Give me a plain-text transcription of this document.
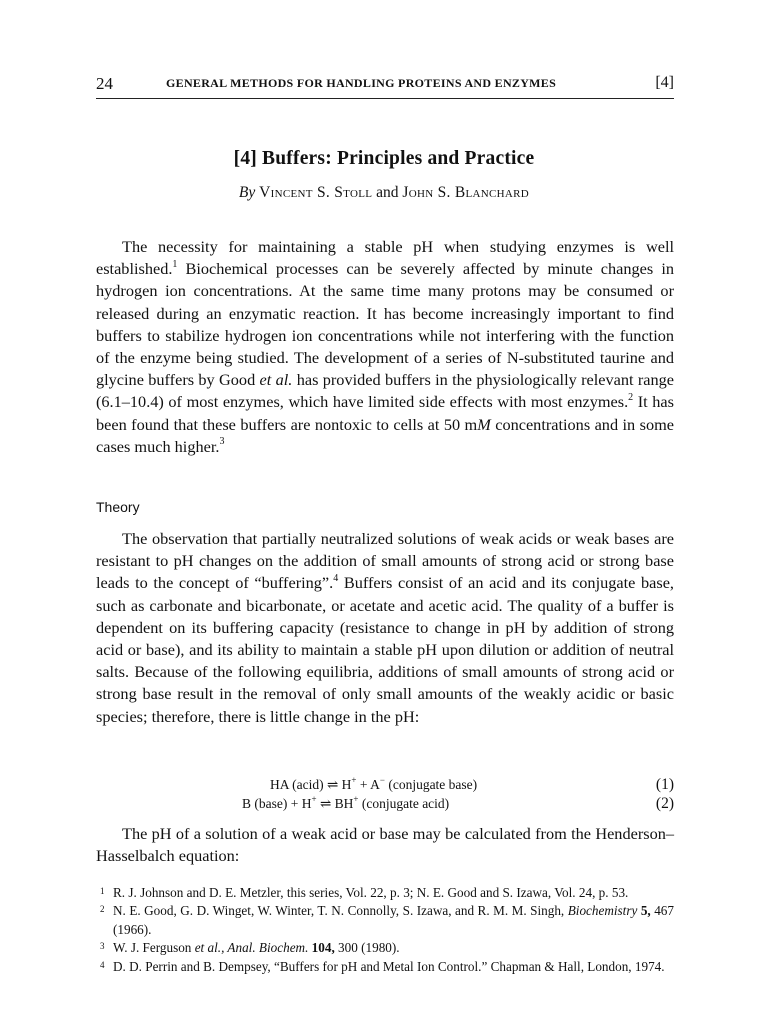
24	GENERAL METHODS FOR HANDLING PROTEINS AND ENZYMES	[4]
[4] Buffers: Principles and Practice
By Vincent S. Stoll and John S. Blanchard

The necessity for maintaining a stable pH when studying enzymes is well established.$^1$ Biochemical processes can be severely affected by minute changes in hydrogen ion concentrations. At the same time many protons may be consumed or released during an enzymatic reaction. It has become increasingly important to find buffers to stabilize hydrogen ion concentrations while not interfering with the function of the enzyme being studied. The development of a series of N-substituted taurine and glycine buffers by Good et al. has provided buffers in the physiologically relevant range (6.1–10.4) of most enzymes, which have limited side effects with most enzymes.$^2$ It has been found that these buffers are nontoxic to cells at 50 mM concentrations and in some cases much higher.$^3$

Theory

The observation that partially neutralized solutions of weak acids or weak bases are resistant to pH changes on the addition of small amounts of strong acid or strong base leads to the concept of “buffering”.$^4$ Buffers consist of an acid and its conjugate base, such as carbonate and bicarbonate, or acetate and acetic acid. The quality of a buffer is dependent on its buffering capacity (resistance to change in pH by addition of strong acid or base), and its ability to maintain a stable pH upon dilution or addition of neutral salts. Because of the following equilibria, additions of small amounts of strong acid or strong base result in the removal of only small amounts of the weakly acidic or basic species; therefore, there is little change in the pH:

HA (acid) ⇌ H+ + A− (conjugate base)	(1)
B (base) + H+ ⇌ BH+ (conjugate acid)	(2)

The pH of a solution of a weak acid or base may be calculated from the Henderson–Hasselbalch equation:

1 R. J. Johnson and D. E. Metzler, this series, Vol. 22, p. 3; N. E. Good and S. Izawa, Vol. 24, p. 53.

2 N. E. Good, G. D. Winget, W. Winter, T. N. Connolly, S. Izawa, and R. M. M. Singh, Biochemistry 5, 467 (1966).

3 W. J. Ferguson et al., Anal. Biochem. 104, 300 (1980).

4 D. D. Perrin and B. Dempsey, “Buffers for pH and Metal Ion Control.” Chapman & Hall, London, 1974.
